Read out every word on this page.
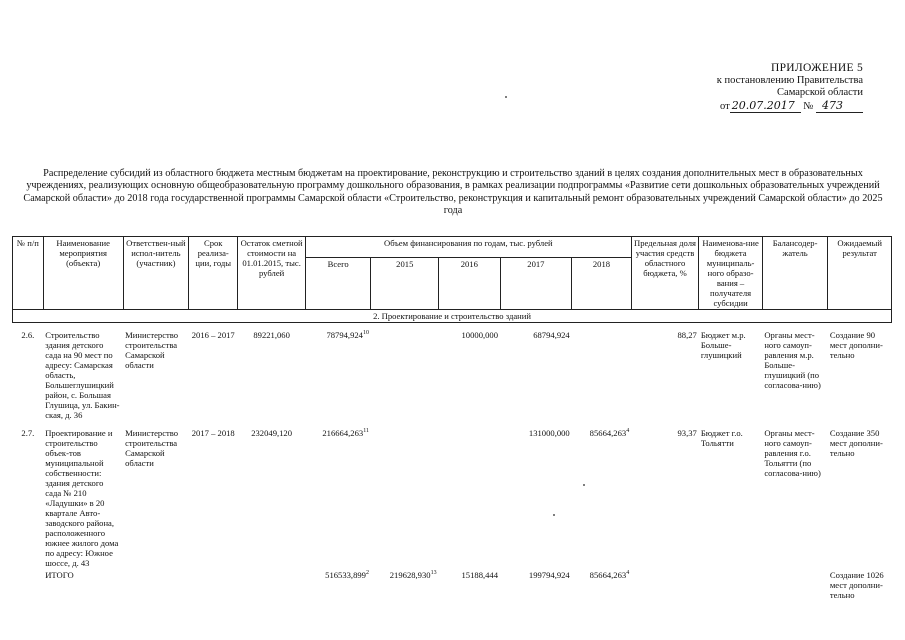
ПРИЛОЖЕНИЕ 5
к постановлению Правительства
Самарской области
от 20.07.2017 № 473
Распределение субсидий из областного бюджета местным бюджетам на проектирование, реконструкцию и строительство зданий в целях создания дополнительных мест в образовательных учреждениях, реализующих основную общеобразовательную программу дошкольного образования, в рамках реализации подпрограммы «Развитие сети дошкольных образовательных учреждений Самарской области» до 2018 года государственной программы Самарской области «Строительство, реконструкция и капитальный ремонт образовательных учреждений Самарской области» до 2025 года
№ п/п	Наименование мероприятия (объекта)	Ответствен-ный испол-нитель (участник)	Срок реализа-ции, годы	Остаток сметной стоимости на 01.01.2015, тыс. рублей	Объем финансирования по годам, тыс. рублей					Предельная доля участия средств областного бюджета, %	Наименова-ние бюджета муниципаль-ного образо-вания – получателя субсидии	Балансодер-жатель	Ожидаемый результат
					Всего	2015	2016	2017	2018				
2. Проектирование и строительство зданий													

2.6.	Строительство здания детского сада на 90 мест по адресу: Самарская область, Большеглушицкий район, с. Большая Глушица, ул. Бакин-ская, д. 36	Министерство строительства Самарской области	2016 – 2017	89221,060	78794,924$^{10}$		10000,000	68794,924		88,27	Бюджет м.р. Больше-глушицкий	Органы мест-ного самоуп-равления м.р. Больше-глушицкий (по согласова-нию)	Создание 90 мест дополни-тельно
2.7.	Проектирование и строительство объек-тов муниципальной собственности: здания детского сада № 210 «Ладушки» в 20 квартале Авто-заводского района, расположенного южнее жилого дома по адресу: Южное шоссе, д. 43	Министерство строительства Самарской области	2017 – 2018	232049,120	216664,263$^{11}$			131000,000	85664,263$^4$	93,37	Бюджет г.о. Тольятти	Органы мест-ного самоуп-равления г.о. Тольятти (по согласова-нию)	Создание 350 мест дополни-тельно
	ИТОГО				516533,899$^2$	219628,930$^{13}$	15188,444	199794,924	85664,263$^4$				Создание 1026 мест дополни-тельно
